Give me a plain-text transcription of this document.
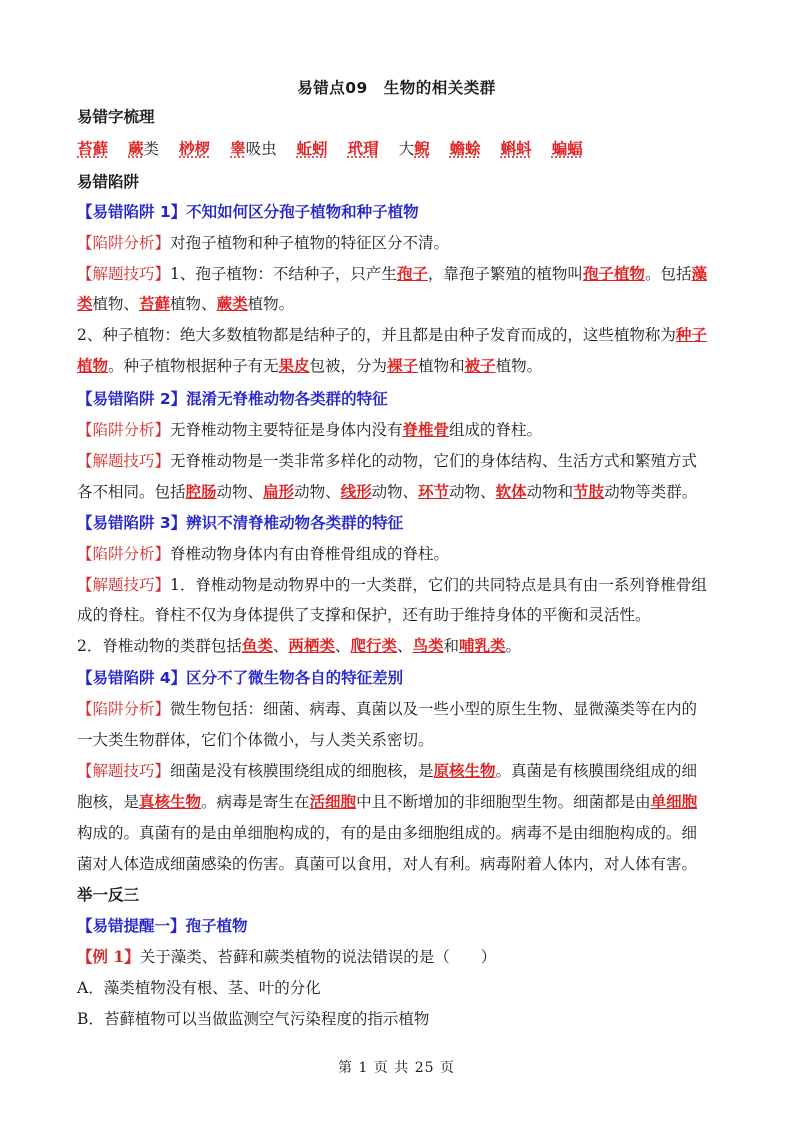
易错点09　生物的相关类群
易错字梳理
苔藓 蕨类 桫椤 睾吸虫 蚯蚓 玳瑁 大鲵 蟾蜍 蝌蚪 蝙蝠
易错陷阱
【易错陷阱 1】不知如何区分孢子植物和种子植物
【陷阱分析】对孢子植物和种子植物的特征区分不清。
【解题技巧】1、孢子植物：不结种子，只产生孢子，靠孢子繁殖的植物叫孢子植物。包括藻
类植物、苔藓植物、蕨类植物。
2、种子植物：绝大多数植物都是结种子的，并且都是由种子发育而成的，这些植物称为种子
植物。种子植物根据种子有无果皮包被，分为裸子植物和被子植物。
【易错陷阱 2】混淆无脊椎动物各类群的特征
【陷阱分析】无脊椎动物主要特征是身体内没有脊椎骨组成的脊柱。
【解题技巧】无脊椎动物是一类非常多样化的动物，它们的身体结构、生活方式和繁殖方式
各不相同。包括腔肠动物、扁形动物、线形动物、环节动物、软体动物和节肢动物等类群。
【易错陷阱 3】辨识不清脊椎动物各类群的特征
【陷阱分析】脊椎动物身体内有由脊椎骨组成的脊柱。
【解题技巧】1．脊椎动物是动物界中的一大类群，它们的共同特点是具有由一系列脊椎骨组
成的脊柱。脊柱不仅为身体提供了支撑和保护，还有助于维持身体的平衡和灵活性。
2．脊椎动物的类群包括鱼类、两栖类、爬行类、鸟类和哺乳类。
【易错陷阱 4】区分不了微生物各自的特征差别
【陷阱分析】微生物包括：细菌、病毒、真菌以及一些小型的原生生物、显微藻类等在内的
一大类生物群体，它们个体微小，与人类关系密切。
【解题技巧】细菌是没有核膜围绕组成的细胞核，是原核生物。真菌是有核膜围绕组成的细
胞核，是真核生物。病毒是寄生在活细胞中且不断增加的非细胞型生物。细菌都是由单细胞
构成的。真菌有的是由单细胞构成的，有的是由多细胞组成的。病毒不是由细胞构成的。细
菌对人体造成细菌感染的伤害。真菌可以食用，对人有利。病毒附着人体内，对人体有害。
举一反三
【易错提醒一】孢子植物
【例 1】关于藻类、苔藓和蕨类植物的说法错误的是（　　）
A．藻类植物没有根、茎、叶的分化
B．苔藓植物可以当做监测空气污染程度的指示植物
第 1 页 共 25 页
